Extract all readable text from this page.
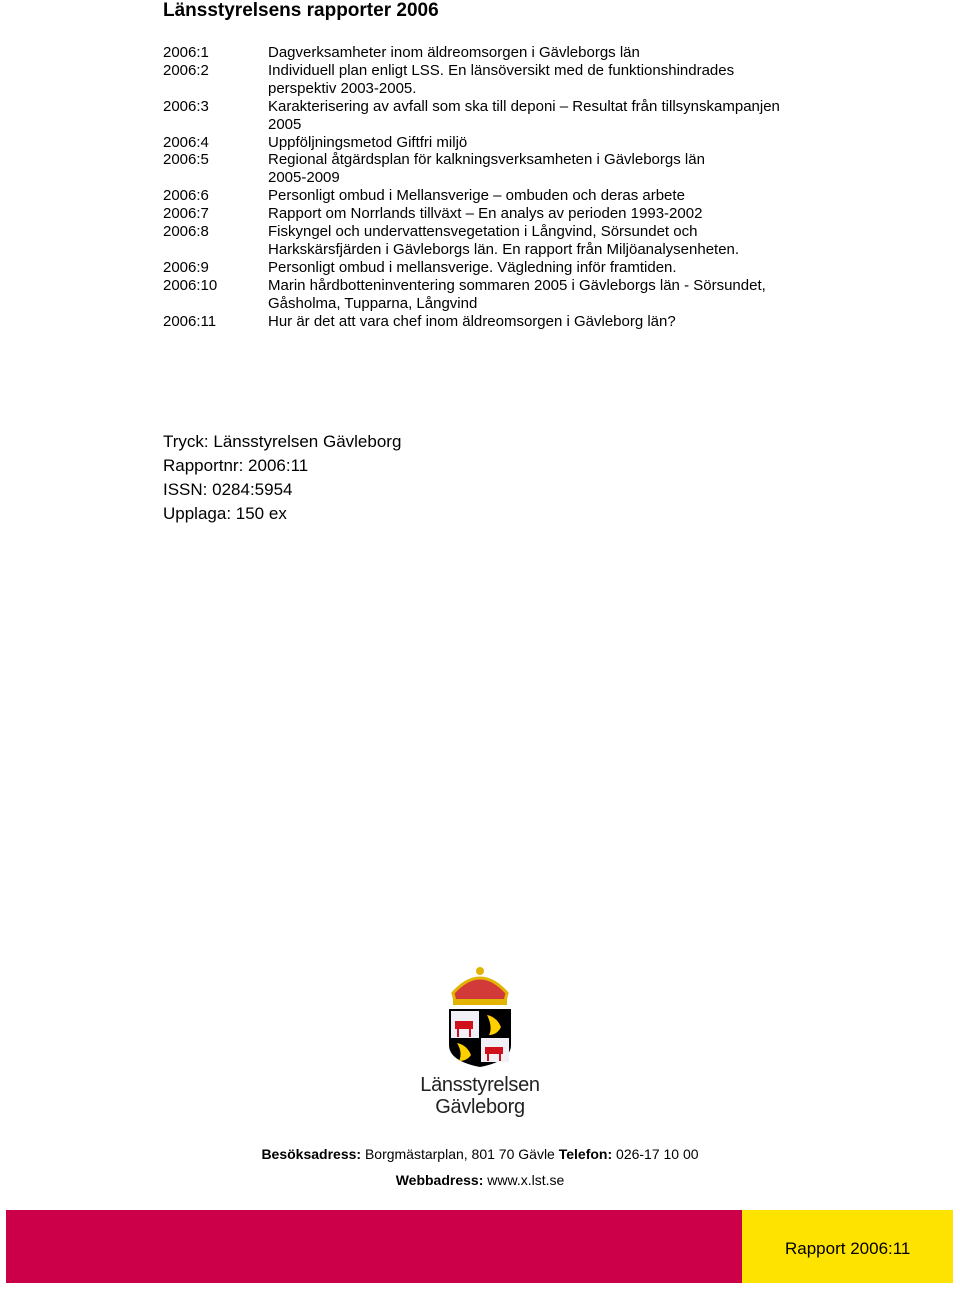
Länsstyrelsens rapporter 2006
2006:1	Dagverksamheter inom äldreomsorgen i Gävleborgs län
2006:2	Individuell plan enligt LSS. En länsöversikt med de funktionshindrades
perspektiv 2003-2005.
2006:3	Karakterisering av avfall som ska till deponi – Resultat från tillsynskampanjen
2005
2006:4	Uppföljningsmetod Giftfri miljö
2006:5	Regional åtgärdsplan för kalkningsverksamheten i Gävleborgs län
2005-2009
2006:6	Personligt ombud i Mellansverige – ombuden och deras arbete
2006:7	Rapport om Norrlands tillväxt – En analys av perioden 1993-2002
2006:8	Fiskyngel och undervattensvegetation i Långvind, Sörsundet och
Harkskärsfjärden i Gävleborgs län. En rapport från Miljöanalysenheten.
2006:9	Personligt ombud i mellansverige. Vägledning inför framtiden.
2006:10	Marin hårdbotteninventering sommaren 2005 i Gävleborgs län - Sörsundet,
Gåsholma, Tupparna, Långvind
2006:11	Hur är det att vara chef inom äldreomsorgen i Gävleborg län?
Tryck: Länsstyrelsen Gävleborg
Rapportnr: 2006:11
ISSN: 0284:5954
Upplaga: 150 ex
Länsstyrelsen
Gävleborg
Besöksadress: Borgmästarplan, 801 70 Gävle Telefon: 026-17 10 00
Webbadress: www.x.lst.se
Rapport 2006:11
